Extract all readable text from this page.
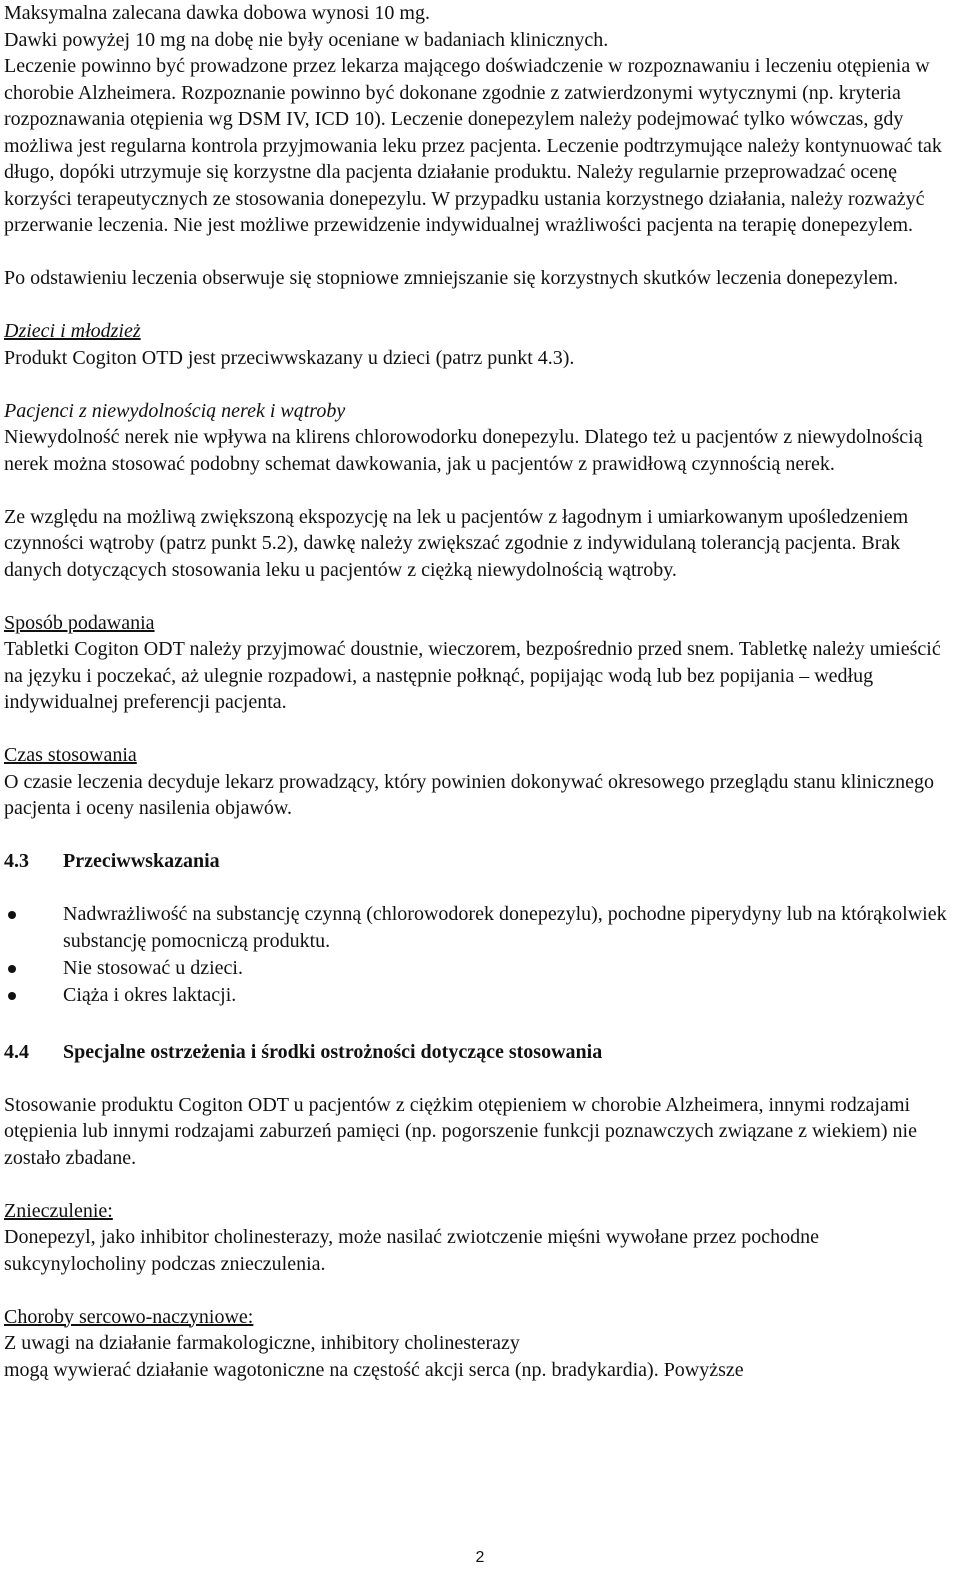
Maksymalna zalecana dawka dobowa wynosi 10 mg.

Dawki powyżej 10 mg na dobę nie były oceniane w badaniach klinicznych.

Leczenie powinno być prowadzone przez lekarza mającego doświadczenie w rozpoznawaniu i leczeniu otępienia w chorobie Alzheimera. Rozpoznanie powinno być dokonane zgodnie z zatwierdzonymi wytycznymi (np. kryteria rozpoznawania otępienia wg DSM IV, ICD 10). Leczenie donepezylem należy podejmować tylko wówczas, gdy możliwa jest regularna kontrola przyjmowania leku przez pacjenta. Leczenie podtrzymujące należy kontynuować tak długo, dopóki utrzymuje się korzystne dla pacjenta działanie produktu. Należy regularnie przeprowadzać ocenę korzyści terapeutycznych ze stosowania donepezylu. W przypadku ustania korzystnego działania, należy rozważyć przerwanie leczenia. Nie jest możliwe przewidzenie indywidualnej wrażliwości pacjenta na terapię donepezylem.

Po odstawieniu leczenia obserwuje się stopniowe zmniejszanie się korzystnych skutków leczenia donepezylem.

Dzieci i młodzież

Produkt Cogiton OTD jest przeciwwskazany u dzieci (patrz punkt 4.3).

Pacjenci z niewydolnością nerek i wątroby

Niewydolność nerek nie wpływa na klirens chlorowodorku donepezylu. Dlatego też u pacjentów z niewydolnością nerek można stosować podobny schemat dawkowania, jak u pacjentów z prawidłową czynnością nerek.

Ze względu na możliwą zwiększoną ekspozycję na lek u pacjentów z łagodnym i umiarkowanym upośledzeniem czynności wątroby (patrz punkt 5.2), dawkę należy zwiększać zgodnie z indywidulaną tolerancją pacjenta. Brak danych dotyczących stosowania leku u pacjentów z ciężką niewydolnością wątroby.

Sposób podawania

Tabletki Cogiton ODT należy przyjmować doustnie, wieczorem, bezpośrednio przed snem. Tabletkę należy umieścić na języku i poczekać, aż ulegnie rozpadowi, a następnie połknąć, popijając wodą lub bez popijania – według indywidualnej preferencji pacjenta.

Czas stosowania

O czasie leczenia decyduje lekarz prowadzący, który powinien dokonywać okresowego przeglądu stanu klinicznego pacjenta i oceny nasilenia objawów.

4.3	Przeciwwskazania
Nadwrażliwość na substancję czynną (chlorowodorek donepezylu), pochodne piperydyny lub na którąkolwiek substancję pomocniczą produktu.
Nie stosować u dzieci.
Ciąża i okres laktacji.
4.4	Specjalne ostrzeżenia i środki ostrożności dotyczące stosowania

Stosowanie produktu Cogiton ODT u pacjentów z ciężkim otępieniem w chorobie Alzheimera, innymi rodzajami otępienia lub innymi rodzajami zaburzeń pamięci (np. pogorszenie funkcji poznawczych związane z wiekiem) nie zostało zbadane.

Znieczulenie:

Donepezyl, jako inhibitor cholinesterazy, może nasilać zwiotczenie mięśni wywołane przez pochodne sukcynylocholiny podczas znieczulenia.

Choroby sercowo-naczyniowe:

Z uwagi na działanie farmakologiczne, inhibitory cholinesterazy

mogą wywierać działanie wagotoniczne na częstość akcji serca (np. bradykardia). Powyższe

2
